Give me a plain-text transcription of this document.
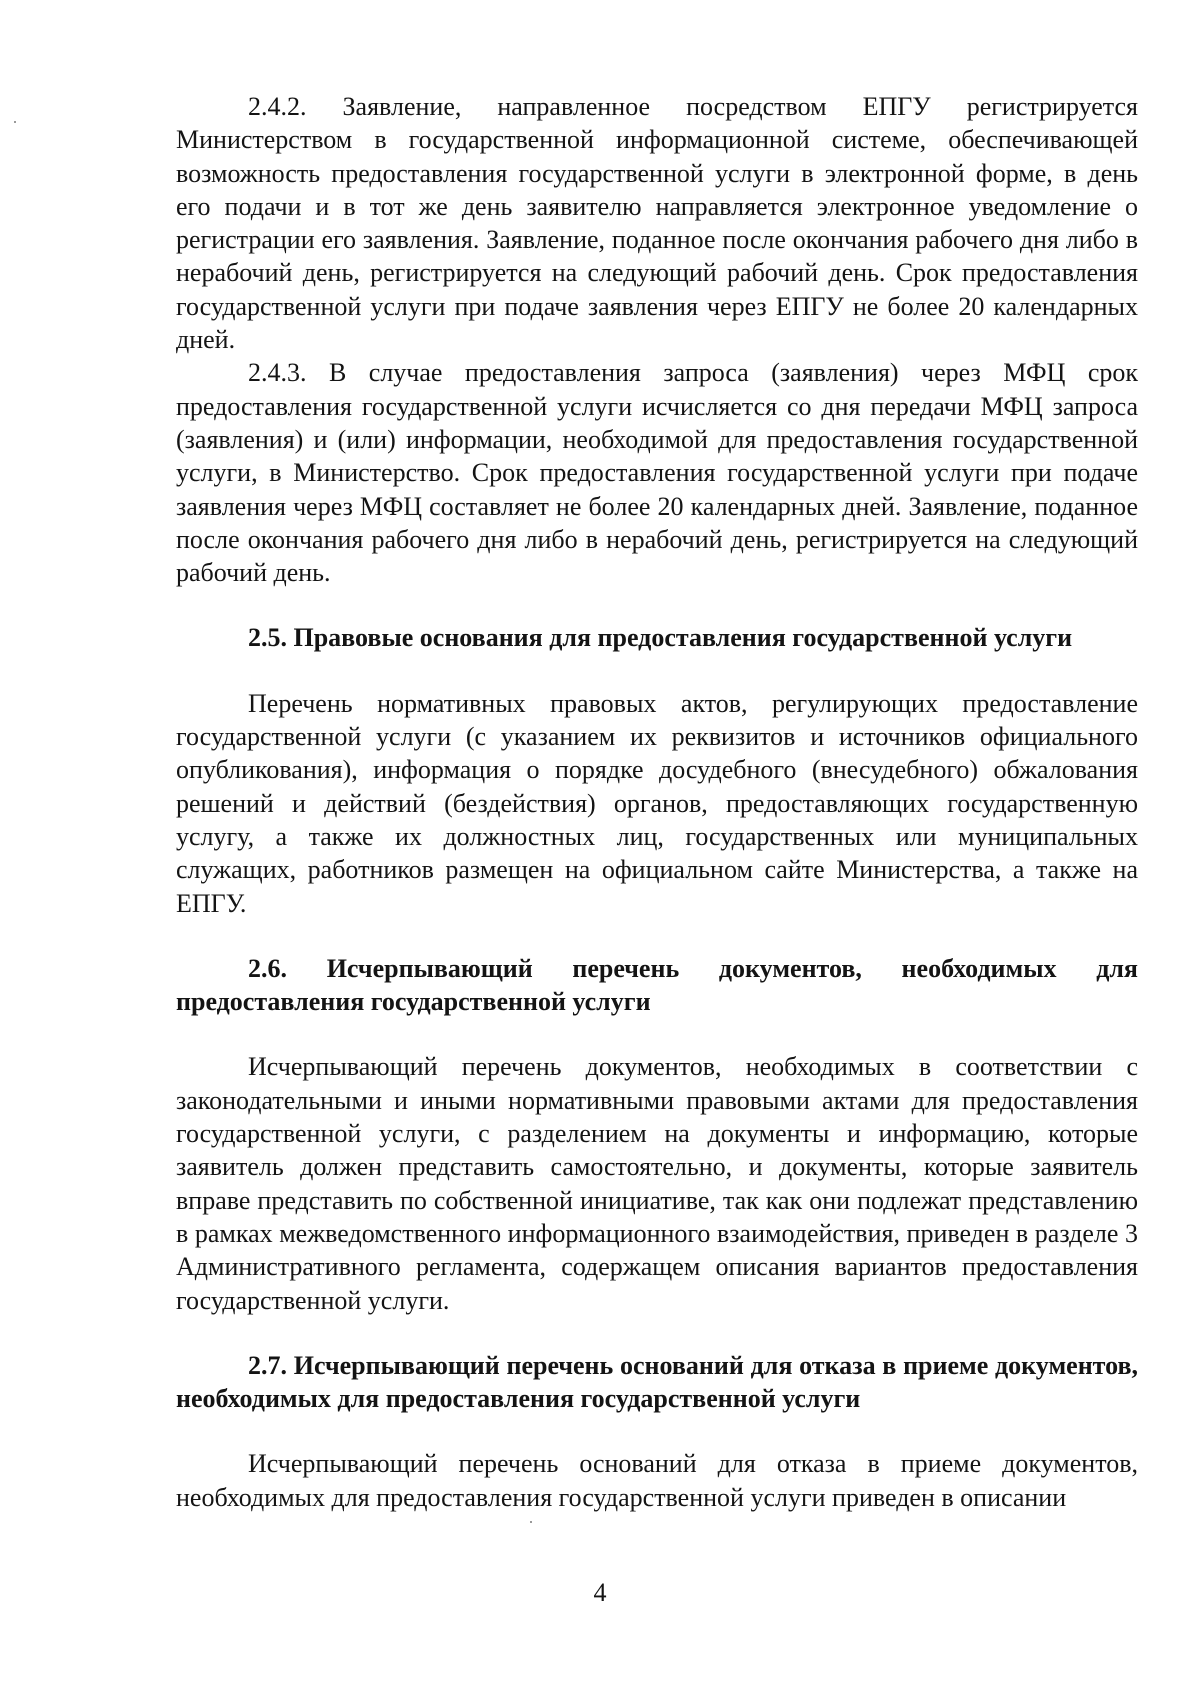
2.4.2. Заявление, направленное посредством ЕПГУ регистрируется Министерством в государственной информационной системе, обеспечивающей возможность предоставления государственной услуги в электронной форме, в день его подачи и в тот же день заявителю направляется электронное уведомление о регистрации его заявления. Заявление, поданное после окончания рабочего дня либо в нерабочий день, регистрируется на следующий рабочий день. Срок предоставления государственной услуги при подаче заявления через ЕПГУ не более 20 календарных дней.

2.4.3. В случае предоставления запроса (заявления) через МФЦ срок предоставления государственной услуги исчисляется со дня передачи МФЦ запроса (заявления) и (или) информации, необходимой для предоставления государственной услуги, в Министерство. Срок предоставления государственной услуги при подаче заявления через МФЦ составляет не более 20 календарных дней. Заявление, поданное после окончания рабочего дня либо в нерабочий день, регистрируется на следующий рабочий день.

2.5. Правовые основания для предоставления государственной услуги

Перечень нормативных правовых актов, регулирующих предоставление государственной услуги (с указанием их реквизитов и источников официального опубликования), информация о порядке досудебного (внесудебного) обжалования решений и действий (бездействия) органов, предоставляющих государственную услугу, а также их должностных лиц, государственных или муниципальных служащих, работников размещен на официальном сайте Министерства, а также на ЕПГУ.

2.6. Исчерпывающий перечень документов, необходимых для предоставления государственной услуги

Исчерпывающий перечень документов, необходимых в соответствии с законодательными и иными нормативными правовыми актами для предоставления государственной услуги, с разделением на документы и информацию, которые заявитель должен представить самостоятельно, и документы, которые заявитель вправе представить по собственной инициативе, так как они подлежат представлению в рамках межведомственного информационного взаимодействия, приведен в разделе 3 Административного регламента, содержащем описания вариантов предоставления государственной услуги.

2.7. Исчерпывающий перечень оснований для отказа в приеме документов, необходимых для предоставления государственной услуги

Исчерпывающий перечень оснований для отказа в приеме документов, необходимых для предоставления государственной услуги приведен в описании

4
